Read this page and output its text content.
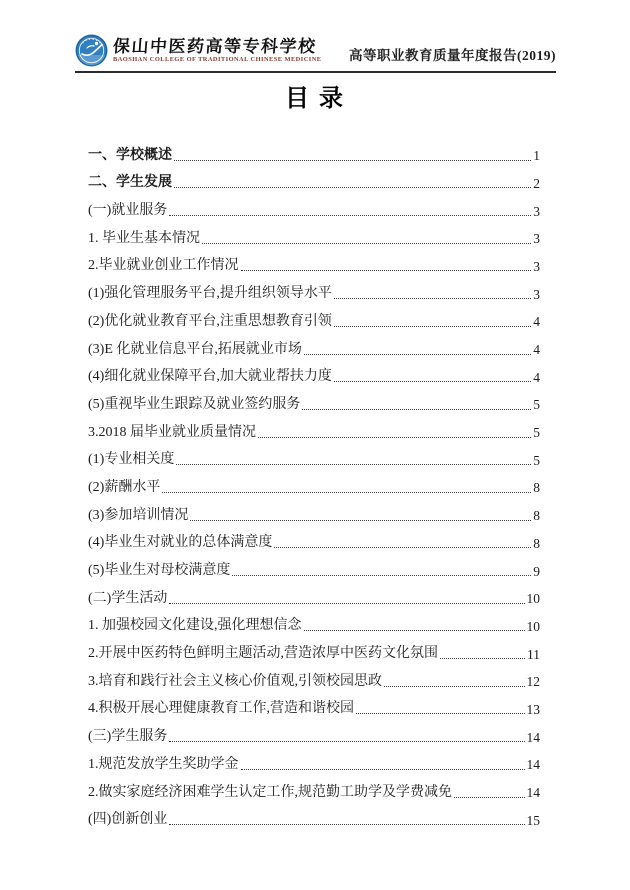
保山中医药高等专科学校
BAOSHAN COLLEGE OF TRADITIONAL CHINESE MEDICINE 高等职业教育质量年度报告(2019)
目 录
一、学校概述	1
二、学生发展	2
(一)就业服务	3
1. 毕业生基本情况	3
2.毕业就业创业工作情况	3
(1)强化管理服务平台,提升组织领导水平	3
(2)优化就业教育平台,注重思想教育引领	4
(3)E 化就业信息平台,拓展就业市场	4
(4)细化就业保障平台,加大就业帮扶力度	4
(5)重视毕业生跟踪及就业签约服务	5
3.2018 届毕业就业质量情况	5
(1)专业相关度	5
(2)薪酬水平	8
(3)参加培训情况	8
(4)毕业生对就业的总体满意度	8
(5)毕业生对母校满意度	9
(二)学生活动	10
1. 加强校园文化建设,强化理想信念	10
2.开展中医药特色鲜明主题活动,营造浓厚中医药文化氛围	11
3.培育和践行社会主义核心价值观,引领校园思政	12
4.积极开展心理健康教育工作,营造和谐校园	13
(三)学生服务	14
1.规范发放学生奖助学金	14
2.做实家庭经济困难学生认定工作,规范勤工助学及学费减免	14
(四)创新创业	15
